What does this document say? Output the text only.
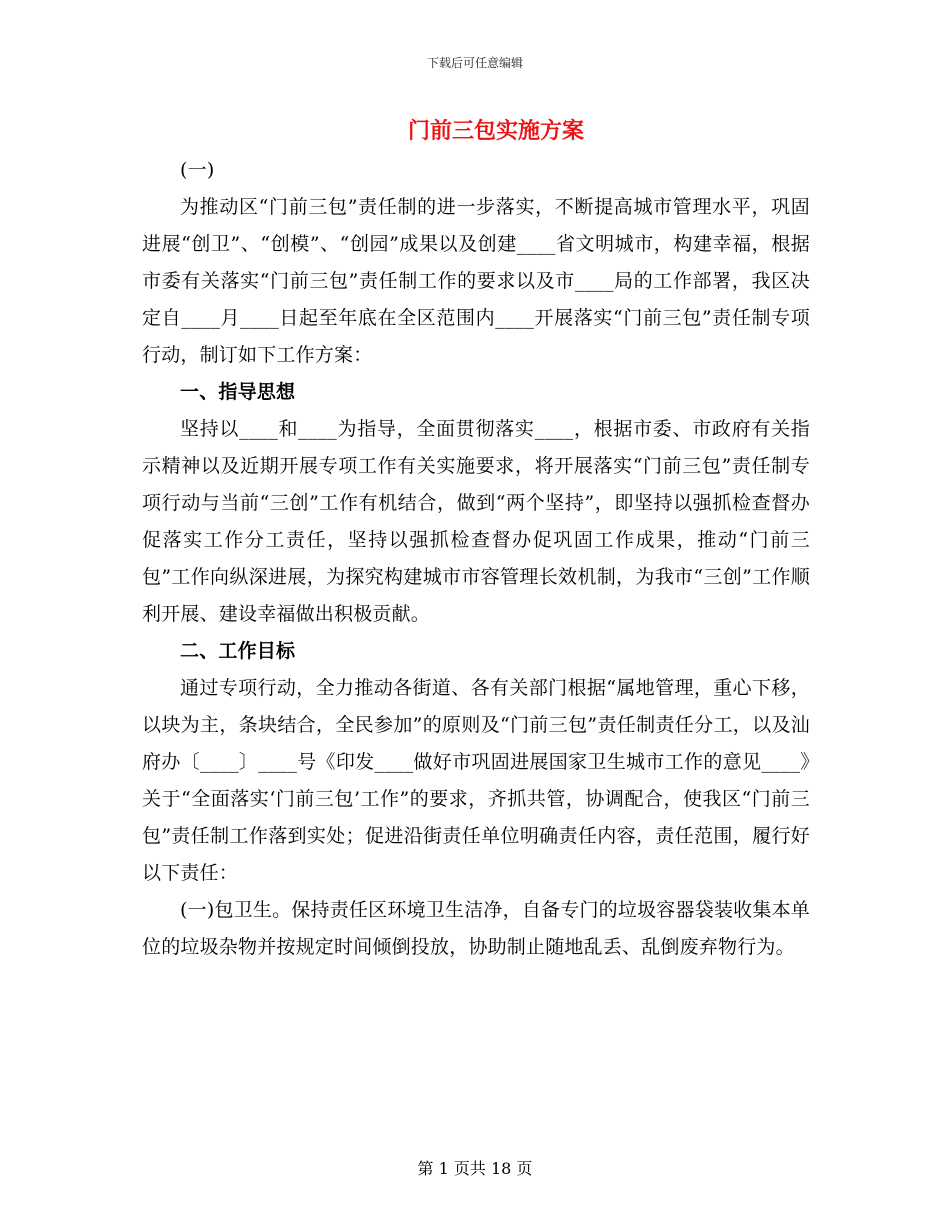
下载后可任意编辑
门前三包实施方案

(一)

为推动区“门前三包”责任制的进一步落实，不断提高城市管理水平，巩固进展“创卫”、“创模”、“创园”成果以及创建____省文明城市，构建幸福，根据市委有关落实“门前三包”责任制工作的要求以及市____局的工作部署，我区决定自____月____日起至年底在全区范围内____开展落实“门前三包”责任制专项行动，制订如下工作方案：

一、指导思想

坚持以____和____为指导，全面贯彻落实____，根据市委、市政府有关指示精神以及近期开展专项工作有关实施要求，将开展落实“门前三包”责任制专项行动与当前“三创”工作有机结合，做到“两个坚持”，即坚持以强抓检查督办促落实工作分工责任，坚持以强抓检查督办促巩固工作成果，推动“门前三包”工作向纵深进展，为探究构建城市市容管理长效机制，为我市“三创”工作顺利开展、建设幸福做出积极贡献。

二、工作目标

通过专项行动，全力推动各街道、各有关部门根据“属地管理，重心下移，以块为主，条块结合，全民参加”的原则及“门前三包”责任制责任分工，以及汕府办〔____〕____号《印发____做好市巩固进展国家卫生城市工作的意见____》关于“全面落实‘门前三包’工作”的要求，齐抓共管，协调配合，使我区“门前三包”责任制工作落到实处；促进沿街责任单位明确责任内容，责任范围，履行好以下责任：

(一)包卫生。保持责任区环境卫生洁净，自备专门的垃圾容器袋装收集本单位的垃圾杂物并按规定时间倾倒投放，协助制止随地乱丢、乱倒废弃物行为。

第 1 页共 18 页
